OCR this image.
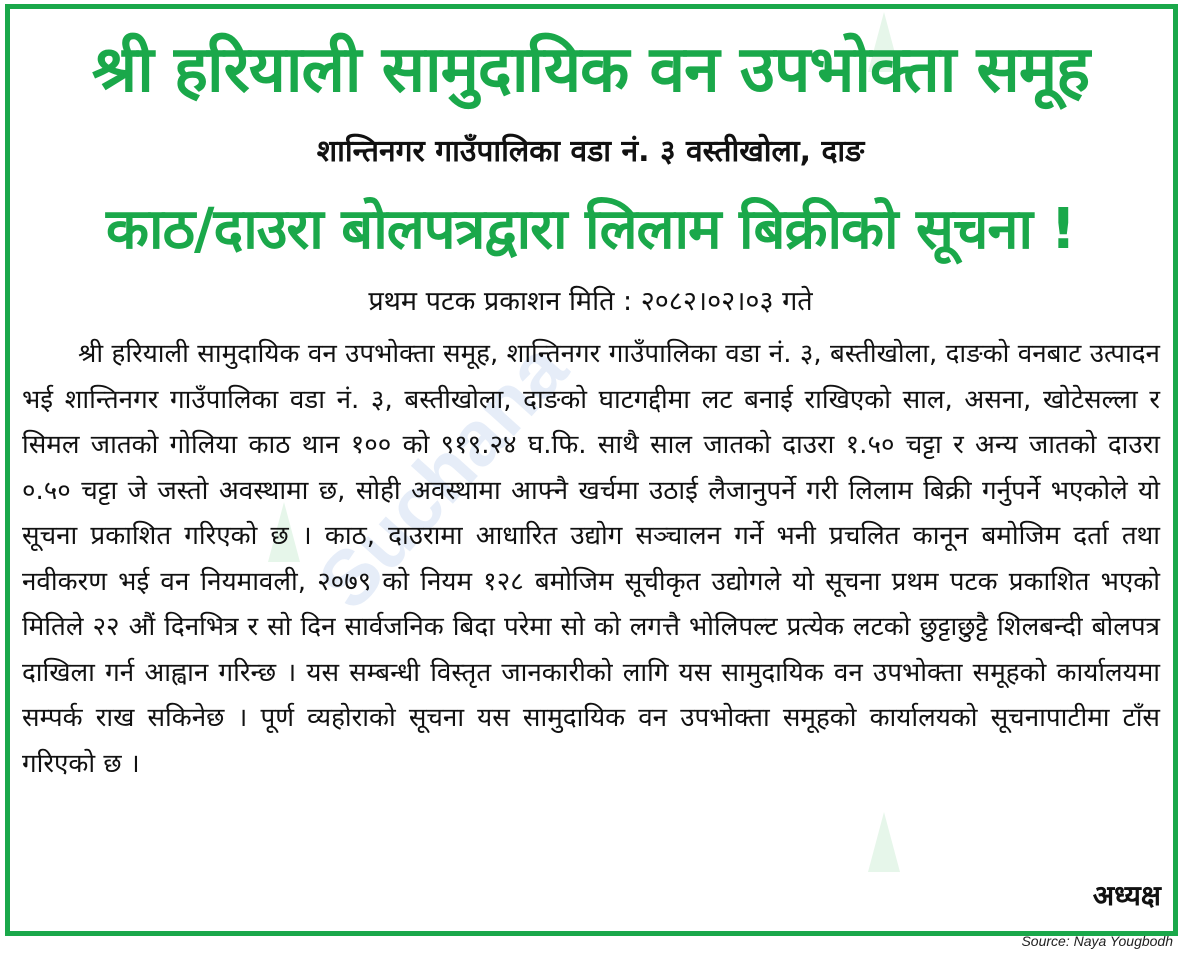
Suchana
श्री हरियाली सामुदायिक वन उपभोक्ता समूह
शान्तिनगर गाउँपालिका वडा नं. ३ वस्तीखोला, दाङ
काठ/दाउरा बोलपत्रद्वारा लिलाम बिक्रीको सूचना !
प्रथम पटक प्रकाशन मिति : २०८२।०२।०३ गते

श्री हरियाली सामुदायिक वन उपभोक्ता समूह, शान्तिनगर गाउँपालिका वडा नं. ३, बस्तीखोला, दाङको वनबाट उत्पादन भई शान्तिनगर गाउँपालिका वडा नं. ३, बस्तीखोला, दाङको घाटगद्दीमा लट बनाई राखिएको साल, असना, खोटेसल्ला र सिमल जातको गोलिया काठ थान १०० को ९१९.२४ घ.फि. साथै साल जातको दाउरा १.५० चट्टा र अन्य जातको दाउरा ०.५० चट्टा जे जस्तो अवस्थामा छ, सोही अवस्थामा आफ्नै खर्चमा उठाई लैजानुपर्ने गरी लिलाम बिक्री गर्नुपर्ने भएकोले यो सूचना प्रकाशित गरिएको छ । काठ, दाउरामा आधारित उद्योग सञ्चालन गर्ने भनी प्रचलित कानून बमोजिम दर्ता तथा नवीकरण भई वन नियमावली, २०७९ को नियम १२८ बमोजिम सूचीकृत उद्योगले यो सूचना प्रथम पटक प्रकाशित भएको मितिले २२ औं दिनभित्र र सो दिन सार्वजनिक बिदा परेमा सो को लगत्तै भोलिपल्ट प्रत्येक लटको छुट्टाछुट्टै शिलबन्दी बोलपत्र दाखिला गर्न आह्वान गरिन्छ । यस सम्बन्धी विस्तृत जानकारीको लागि यस सामुदायिक वन उपभोक्ता समूहको कार्यालयमा सम्पर्क राख सकिनेछ । पूर्ण व्यहोराको सूचना यस सामुदायिक वन उपभोक्ता समूहको कार्यालयको सूचनापाटीमा टाँस गरिएको छ ।

अध्यक्ष
Source: Naya Yougbodh
